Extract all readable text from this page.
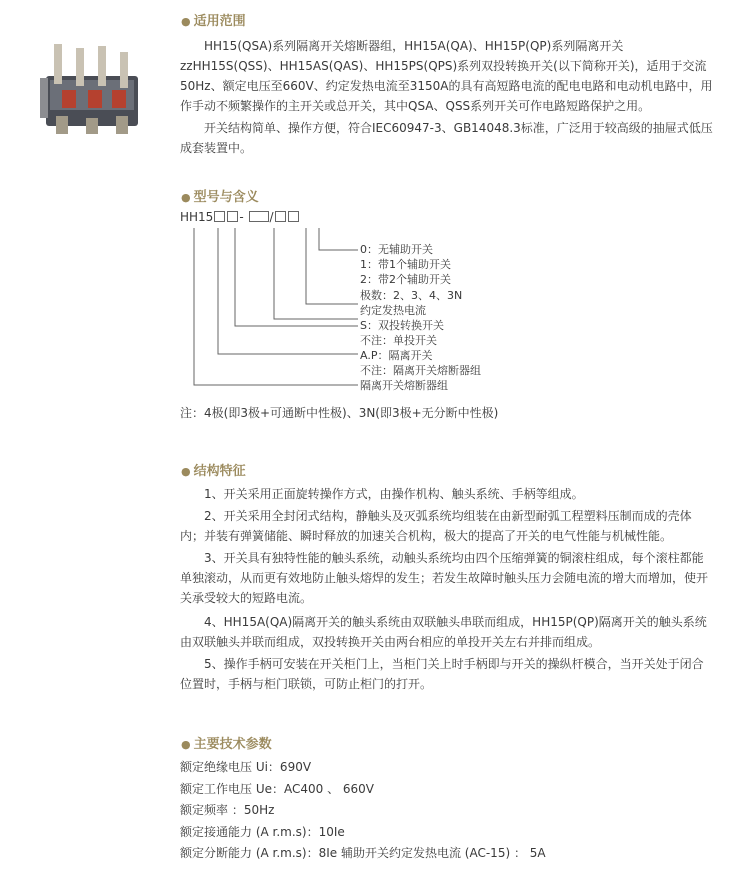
● 适用范围

HH15(QSA)系列隔离开关熔断器组，HH15A(QA)、HH15P(QP)系列隔离开关zzHH15S(QSS)、HH15AS(QAS)、HH15PS(QPS)系列双投转换开关(以下简称开关)，适用于交流50Hz、额定电压至660V、约定发热电流至3150A的具有高短路电流的配电电路和电动机电路中，用作手动不频繁操作的主开关或总开关，其中QSA、QSS系列开关可作电路短路保护之用。

开关结构简单、操作方便，符合IEC60947-3、GB14048.3标准，广泛用于较高级的抽屉式低压成套装置中。

● 型号与含义
HH15 - /
0：无辅助开关
1：带1个辅助开关
2：带2个辅助开关
极数：2、3、4、3N
约定发热电流
S：双投转换开关
不注：单投开关
A.P：隔离开关
不注：隔离开关熔断器组
隔离开关熔断器组
注：4极(即3极+可通断中性极)、3N(即3极+无分断中性极)
● 结构特征

1、开关采用正面旋转操作方式，由操作机构、触头系统、手柄等组成。

2、开关采用全封闭式结构，静触头及灭弧系统均组装在由新型耐弧工程塑料压制而成的壳体内；并装有弹簧储能、瞬时释放的加速关合机构，极大的提高了开关的电气性能与机械性能。

3、开关具有独特性能的触头系统，动触头系统均由四个压缩弹簧的铜滚柱组成，每个滚柱都能单独滚动，从而更有效地防止触头熔焊的发生；若发生故障时触头压力会随电流的增大而增加，使开关承受较大的短路电流。

4、HH15A(QA)隔离开关的触头系统由双联触头串联而组成，HH15P(QP)隔离开关的触头系统由双联触头并联而组成，双投转换开关由两台相应的单投开关左右并排而组成。

5、操作手柄可安装在开关柜门上，当柜门关上时手柄即与开关的操纵杆模合，当开关处于闭合位置时，手柄与柜门联锁，可防止柜门的打开。

● 主要技术参数
额定绝缘电压 Ui：690V
额定工作电压 Ue：AC400 、 660V
额定频率 ：50Hz
额定接通能力 (A r.m.s)：10Ie
额定分断能力 (A r.m.s)：8Ie 辅助开关约定发热电流 (AC-15) ： 5A
